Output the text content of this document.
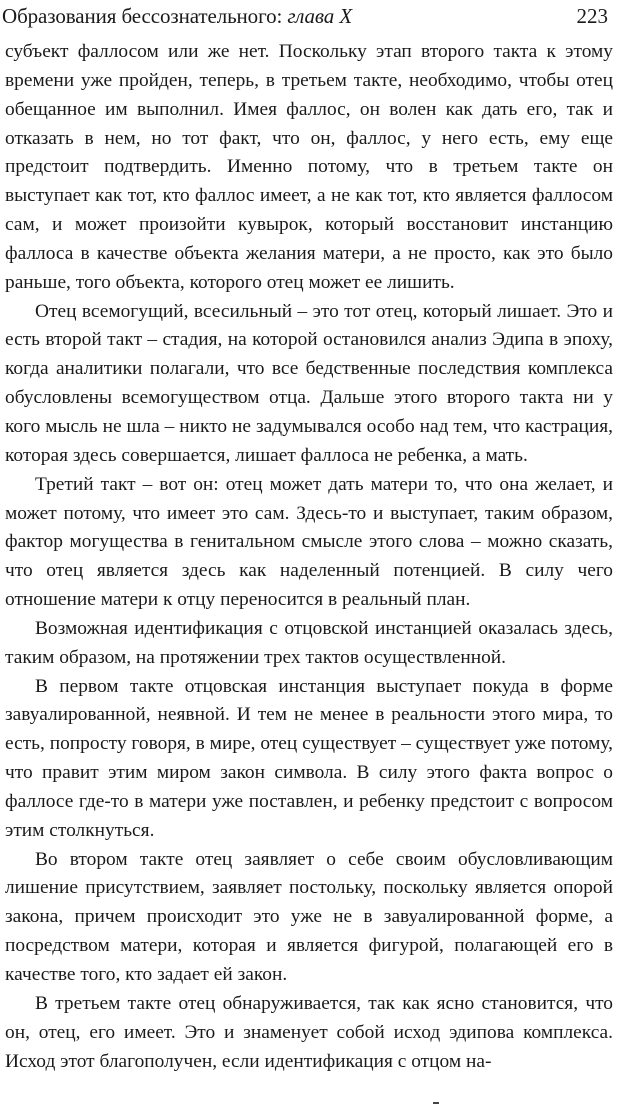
Образования бессознательного: глава X	223

субъект фаллосом или же нет. Поскольку этап второго такта к этому времени уже пройден, теперь, в третьем такте, необходимо, чтобы отец обещанное им выполнил. Имея фаллос, он волен как дать его, так и отказать в нем, но тот факт, что он, фаллос, у него есть, ему еще предстоит подтвердить. Именно потому, что в третьем такте он выступает как тот, кто фаллос имеет, а не как тот, кто является фаллосом сам, и может произойти кувырок, который восстановит инстанцию фаллоса в качестве объекта желания матери, а не просто, как это было раньше, того объекта, которого отец может ее лишить.

Отец всемогущий, всесильный – это тот отец, который лишает. Это и есть второй такт – стадия, на которой остановился анализ Эдипа в эпоху, когда аналитики полагали, что все бедственные последствия комплекса обусловлены всемогуществом отца. Дальше этого второго такта ни у кого мысль не шла – никто не задумывался особо над тем, что кастрация, которая здесь совершается, лишает фаллоса не ребенка, а мать.

Третий такт – вот он: отец может дать матери то, что она желает, и может потому, что имеет это сам. Здесь-то и выступает, таким образом, фактор могущества в генитальном смысле этого слова – можно сказать, что отец является здесь как наделенный потенцией. В силу чего отношение матери к отцу переносится в реальный план.

Возможная идентификация с отцовской инстанцией оказалась здесь, таким образом, на протяжении трех тактов осуществленной.

В первом такте отцовская инстанция выступает покуда в форме завуалированной, неявной. И тем не менее в реальности этого мира, то есть, попросту говоря, в мире, отец существует – существует уже потому, что правит этим миром закон символа. В силу этого факта вопрос о фаллосе где-то в матери уже поставлен, и ребенку предстоит с вопросом этим столкнуться.

Во втором такте отец заявляет о себе своим обусловливающим лишение присутствием, заявляет постольку, поскольку является опорой закона, причем происходит это уже не в завуалированной форме, а посредством матери, которая и является фигурой, полагающей его в качестве того, кто задает ей закон.

В третьем такте отец обнаруживается, так как ясно становится, что он, отец, его имеет. Это и знаменует собой исход эдипова комплекса. Исход этот благополучен, если идентификация с отцом на-
